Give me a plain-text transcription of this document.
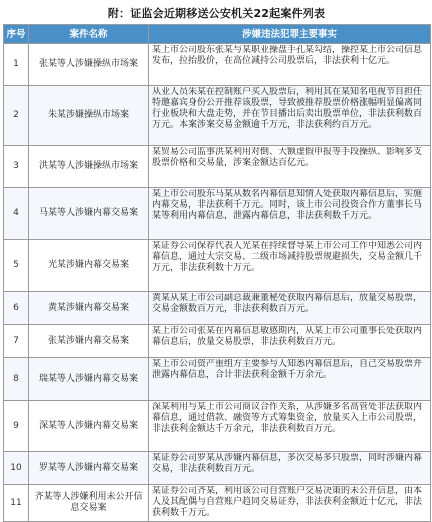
附：证监会近期移送公安机关22起案件列表
序号	案件名称	涉嫌违法犯罪主要事实
1	张某等人涉嫌操纵市场案	某上市公司股东张某与某职业操盘手孔某勾结，操控某上市公司信息发布，拉抬股价，在高位减持公司股票后，非法获利十亿元。

2	朱某涉嫌操纵市场案	从业人员朱某在控制账户买入股票后，利用其在某知名电视节目担任特邀嘉宾身份公开推荐该股票，导致被推荐股票价格涨幅明显偏离同行业板块和大盘走势，并在节目播出后卖出股票单位，非法获利数百万元。本案涉案交易金额逾千万元，非法获利约百万元。

3	洪某等人涉嫌操纵市场案	某贸易公司监事洪某利用对倒、大额虚假申报等手段操纵、影响多支股票价格和交易量，涉案金额达百亿元。

4	马某等人涉嫌内幕交易案	某上市公司股东马某从数名内幕信息知情人处获取内幕信息后，实施内幕交易，非法获利千万元。同时，该上市公司投资合作方董事长马某等利用内幕信息，泄露内幕信息，非法获利数千万元。

5	光某涉嫌内幕交易案	某证券公司保荐代表人光某在持续督导某上市公司工作中知悉公司内幕信息，通过大宗交易、二级市场减持股票规避损失，交易金额几千万元，非法获利数十万元。

6	黄某涉嫌内幕交易案	黄某从某上市公司副总裁兼董秘处获取内幕信息后，放量交易股票，交易金额数百万元，非法获利数百万元。

7	张某涉嫌内幕交易案	某上市公司张某在内幕信息敏感期内，从某上市公司董事长处获取内幕信息后，放量交易股票，非法获利数百万元。

8	瑞某等人涉嫌内幕交易案	某上市公司资产重组方主要参与人知悉内幕信息后，自己交易股票并泄露内幕信息，合计非法获利金额千万余元。

9	深某等人涉嫌内幕交易案	深某利用与某上市公司商议合作关系，从涉嫌多名高管处非法获取内幕信息，通过借款、融资等方式筹集资金，放量买入上市公司股票，非法获利金额达千万余元，非法获利数百万元。

10	罗某等人涉嫌内幕交易案	某证券公司罗某从涉嫌内幕信息，多次交易多只股票，同时涉嫌内幕交易，非法获利数百万元。

11	齐某等人涉嫌利用未公开信息交易案	某证券公司齐某，利用该公司自营账户交易决策的未公开信息，由本人及其配偶与自营账户趋同交易证券，非法获利金额近十亿元，非法获利数千万元。
